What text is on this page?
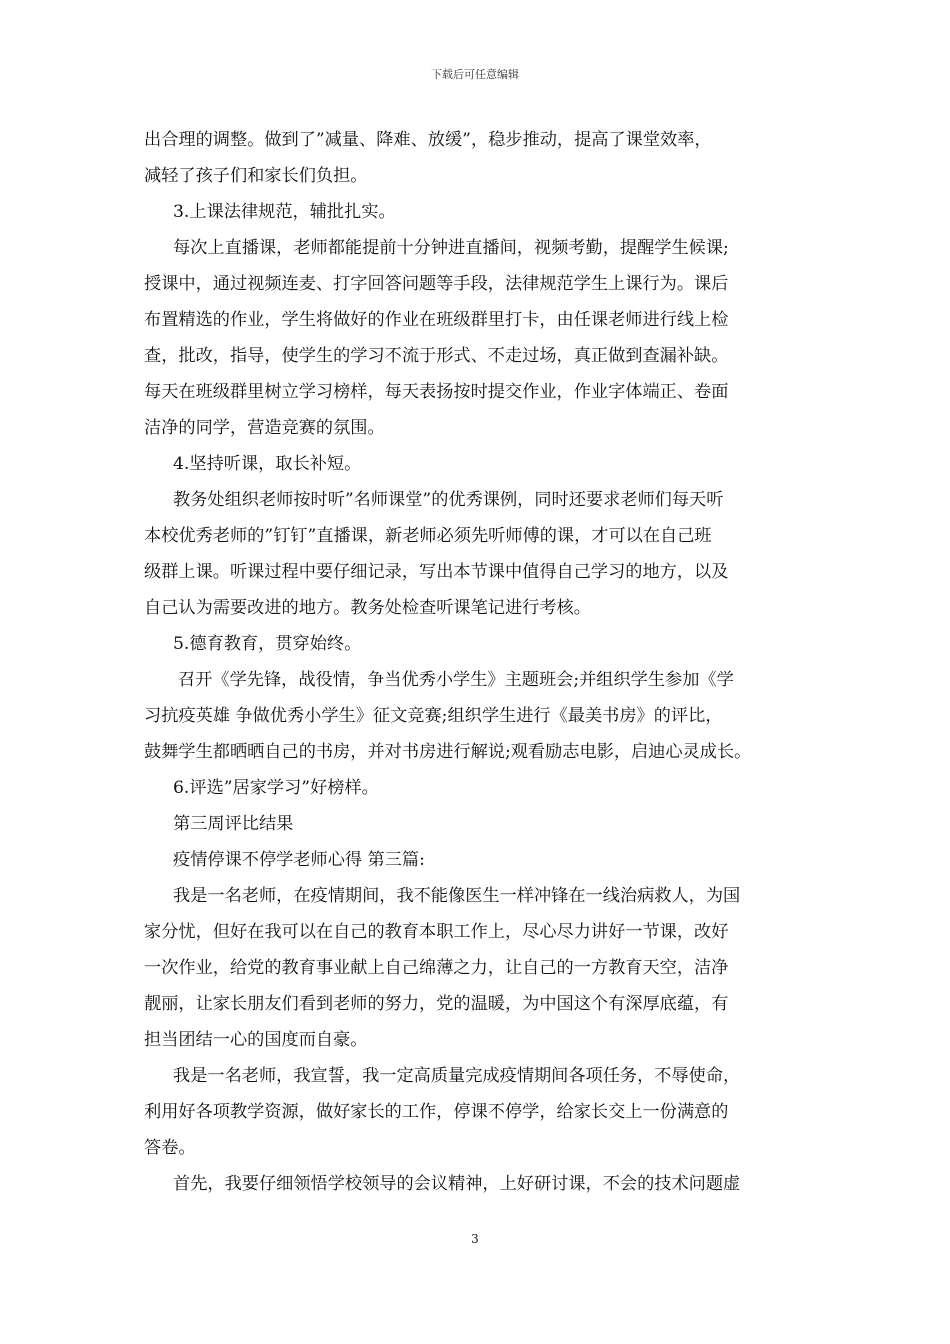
下载后可任意编辑
出合理的调整。做到了”减量、降难、放缓”，稳步推动，提高了课堂效率，
减轻了孩子们和家长们负担。
3.上课法律规范，辅批扎实。
每次上直播课，老师都能提前十分钟进直播间，视频考勤，提醒学生候课;
授课中，通过视频连麦、打字回答问题等手段，法律规范学生上课行为。课后
布置精选的作业，学生将做好的作业在班级群里打卡，由任课老师进行线上检
查，批改，指导，使学生的学习不流于形式、不走过场，真正做到查漏补缺。
每天在班级群里树立学习榜样，每天表扬按时提交作业，作业字体端正、卷面
洁净的同学，营造竞赛的氛围。
4.坚持听课，取长补短。
教务处组织老师按时听”名师课堂”的优秀课例，同时还要求老师们每天听
本校优秀老师的”钉钉”直播课，新老师必须先听师傅的课，才可以在自己班
级群上课。听课过程中要仔细记录，写出本节课中值得自己学习的地方，以及
自己认为需要改进的地方。教务处检查听课笔记进行考核。
5.德育教育，贯穿始终。
召开《学先锋，战役情，争当优秀小学生》主题班会;并组织学生参加《学
习抗疫英雄 争做优秀小学生》征文竞赛;组织学生进行《最美书房》的评比，
鼓舞学生都晒晒自己的书房，并对书房进行解说;观看励志电影，启迪心灵成长。
6.评选”居家学习”好榜样。
第三周评比结果
疫情停课不停学老师心得 第三篇:
我是一名老师，在疫情期间，我不能像医生一样冲锋在一线治病救人，为国
家分忧，但好在我可以在自己的教育本职工作上，尽心尽力讲好一节课，改好
一次作业，给党的教育事业献上自己绵薄之力，让自己的一方教育天空，洁净
靓丽，让家长朋友们看到老师的努力，党的温暖，为中国这个有深厚底蕴，有
担当团结一心的国度而自豪。
我是一名老师，我宣誓，我一定高质量完成疫情期间各项任务，不辱使命，
利用好各项教学资源，做好家长的工作，停课不停学，给家长交上一份满意的
答卷。
首先，我要仔细领悟学校领导的会议精神，上好研讨课，不会的技术问题虚
3
